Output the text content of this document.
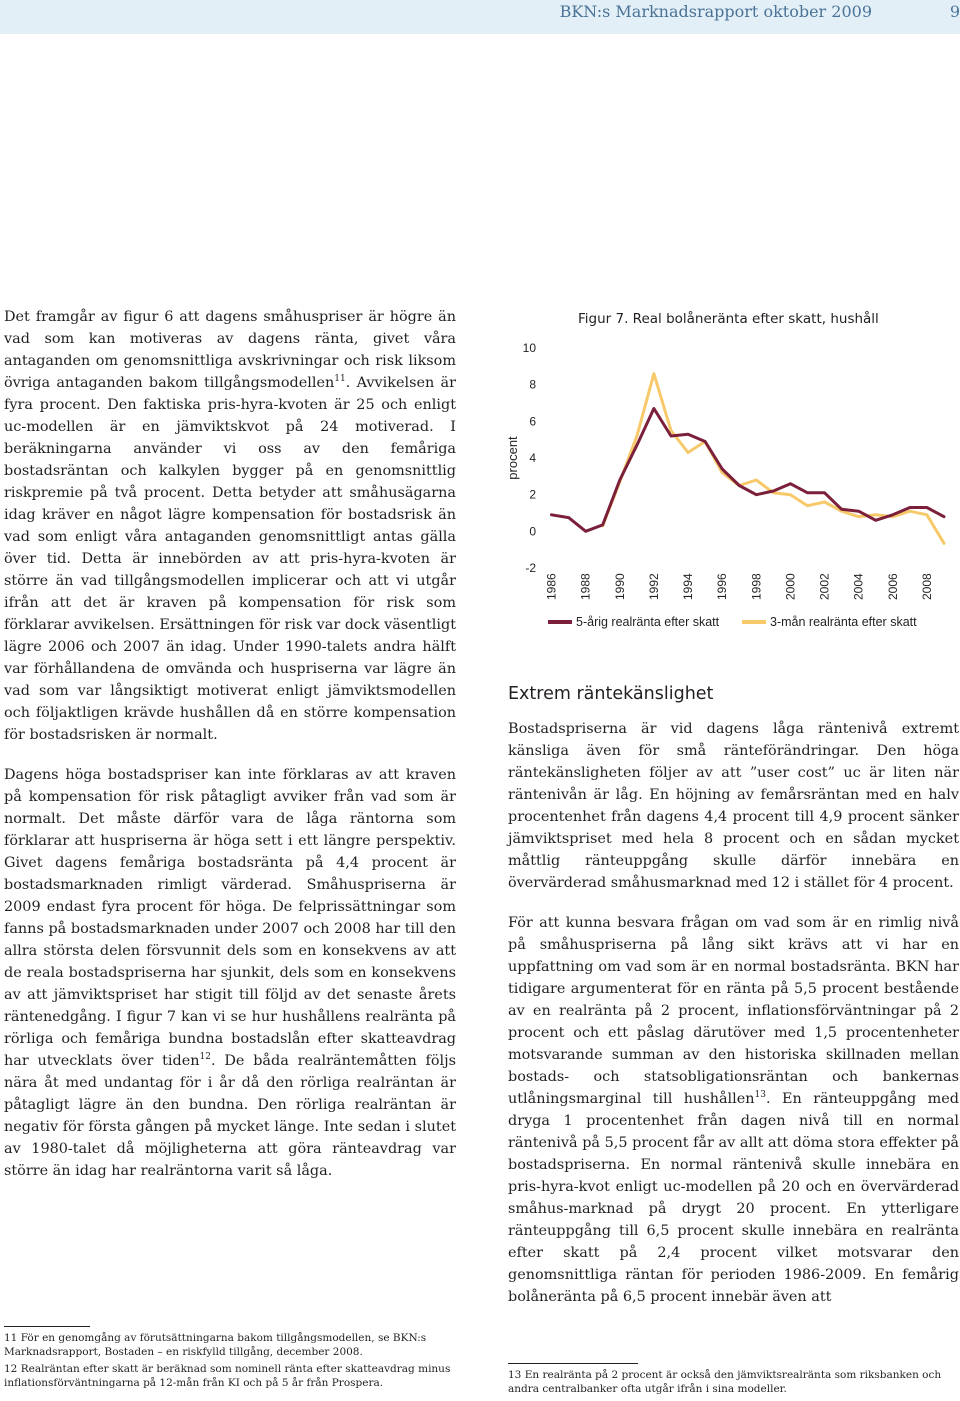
BKN:s Marknadsrapport oktober 2009	9

Det framgår av figur 6 att dagens småhuspriser är högre än vad som kan motiveras av dagens ränta, givet våra antaganden om genomsnittliga avskrivningar och risk liksom övriga antaganden bakom tillgångsmodellen$^{11}$. Avvikelsen är fyra procent. Den faktiska pris-hyra-kvoten är 25 och enligt uc-modellen är en jämviktskvot på 24 motiverad. I beräkningarna använder vi oss av den femåriga bostadsräntan och kalkylen bygger på en genomsnittlig riskpremie på två procent. Detta betyder att småhusägarna idag kräver en något lägre kompensation för bostadsrisk än vad som enligt våra antaganden genomsnittligt antas gälla över tid. Detta är innebörden av att pris-hyra-kvoten är större än vad tillgångsmodellen implicerar och att vi utgår ifrån att det är kraven på kompensation för risk som förklarar avvikelsen. Ersättningen för risk var dock väsentligt lägre 2006 och 2007 än idag. Under 1990-talets andra hälft var förhållandena de omvända och huspriserna var lägre än vad som var långsiktigt motiverat enligt jämviktsmodellen och följaktligen krävde hushållen då en större kompensation för bostadsrisken är normalt.

Dagens höga bostadspriser kan inte förklaras av att kraven på kompensation för risk påtagligt avviker från vad som är normalt. Det måste därför vara de låga räntorna som förklarar att huspriserna är höga sett i ett längre perspektiv. Givet dagens femåriga bostadsränta på 4,4 procent är bostadsmarknaden rimligt värderad. Småhuspriserna är 2009 endast fyra procent för höga. De felprissättningar som fanns på bostadsmarknaden under 2007 och 2008 har till den allra största delen försvunnit dels som en konsekvens av att de reala bostadspriserna har sjunkit, dels som en konsekvens av att jämviktspriset har stigit till följd av det senaste årets räntenedgång. I figur 7 kan vi se hur hushållens realränta på rörliga och femåriga bundna bostadslån efter skatteavdrag har utvecklats över tiden$^{12}$. De båda realräntemåtten följs nära åt med undantag för i år då den rörliga realräntan är påtagligt lägre än den bundna. Den rörliga realräntan är negativ för första gången på mycket länge. Inte sedan i slutet av 1980-talet då möjligheterna att göra ränteavdrag var större än idag har realräntorna varit så låga.

Figur 7. Real bolåneränta efter skatt, hushåll
procent
-2
0
2
4
6
8
10
1986 1988 1990 1992 1994 1996 1998 2000 2002 2004 2006 2008
5-årig realränta efter skatt	3-mån realränta efter skatt
Extrem räntekänslighet

Bostadspriserna är vid dagens låga räntenivå extremt känsliga även för små ränteförändringar. Den höga räntekänsligheten följer av att ”user cost” uc är liten när räntenivån är låg. En höjning av femårsräntan med en halv procentenhet från dagens 4,4 procent till 4,9 procent sänker jämviktspriset med hela 8 procent och en sådan mycket måttlig ränteuppgång skulle därför innebära en övervärderad småhusmarknad med 12 i stället för 4 procent.

För att kunna besvara frågan om vad som är en rimlig nivå på småhuspriserna på lång sikt krävs att vi har en uppfattning om vad som är en normal bostadsränta. BKN har tidigare argumenterat för en ränta på 5,5 procent bestående av en realränta på 2 procent, inflationsförväntningar på 2 procent och ett påslag därutöver med 1,5 procentenheter motsvarande summan av den historiska skillnaden mellan bostads- och statsobligationsräntan och bankernas utlåningsmarginal till hushållen$^{13}$. En ränteuppgång med dryga 1 procentenhet från dagen nivå till en normal räntenivå på 5,5 procent får av allt att döma stora effekter på bostadspriserna. En normal räntenivå skulle innebära en pris-hyra-kvot enligt uc-modellen på 20 och en övervärderad småhus-marknad på drygt 20 procent. En ytterligare ränteuppgång till 6,5 procent skulle innebära en realränta efter skatt på 2,4 procent vilket motsvarar den genomsnittliga räntan för perioden 1986-2009. En femårig bolåneränta på 6,5 procent innebär även att

11 För en genomgång av förutsättningarna bakom tillgångsmodellen, se BKN:s Marknadsrapport, Bostaden – en riskfylld tillgång, december 2008.

12 Realräntan efter skatt är beräknad som nominell ränta efter skatteavdrag minus inflationsförväntningarna på 12-mån från KI och på 5 år från Prospera.

13 En realränta på 2 procent är också den jämviktsrealränta som riksbanken och andra centralbanker ofta utgår ifrån i sina modeller.
